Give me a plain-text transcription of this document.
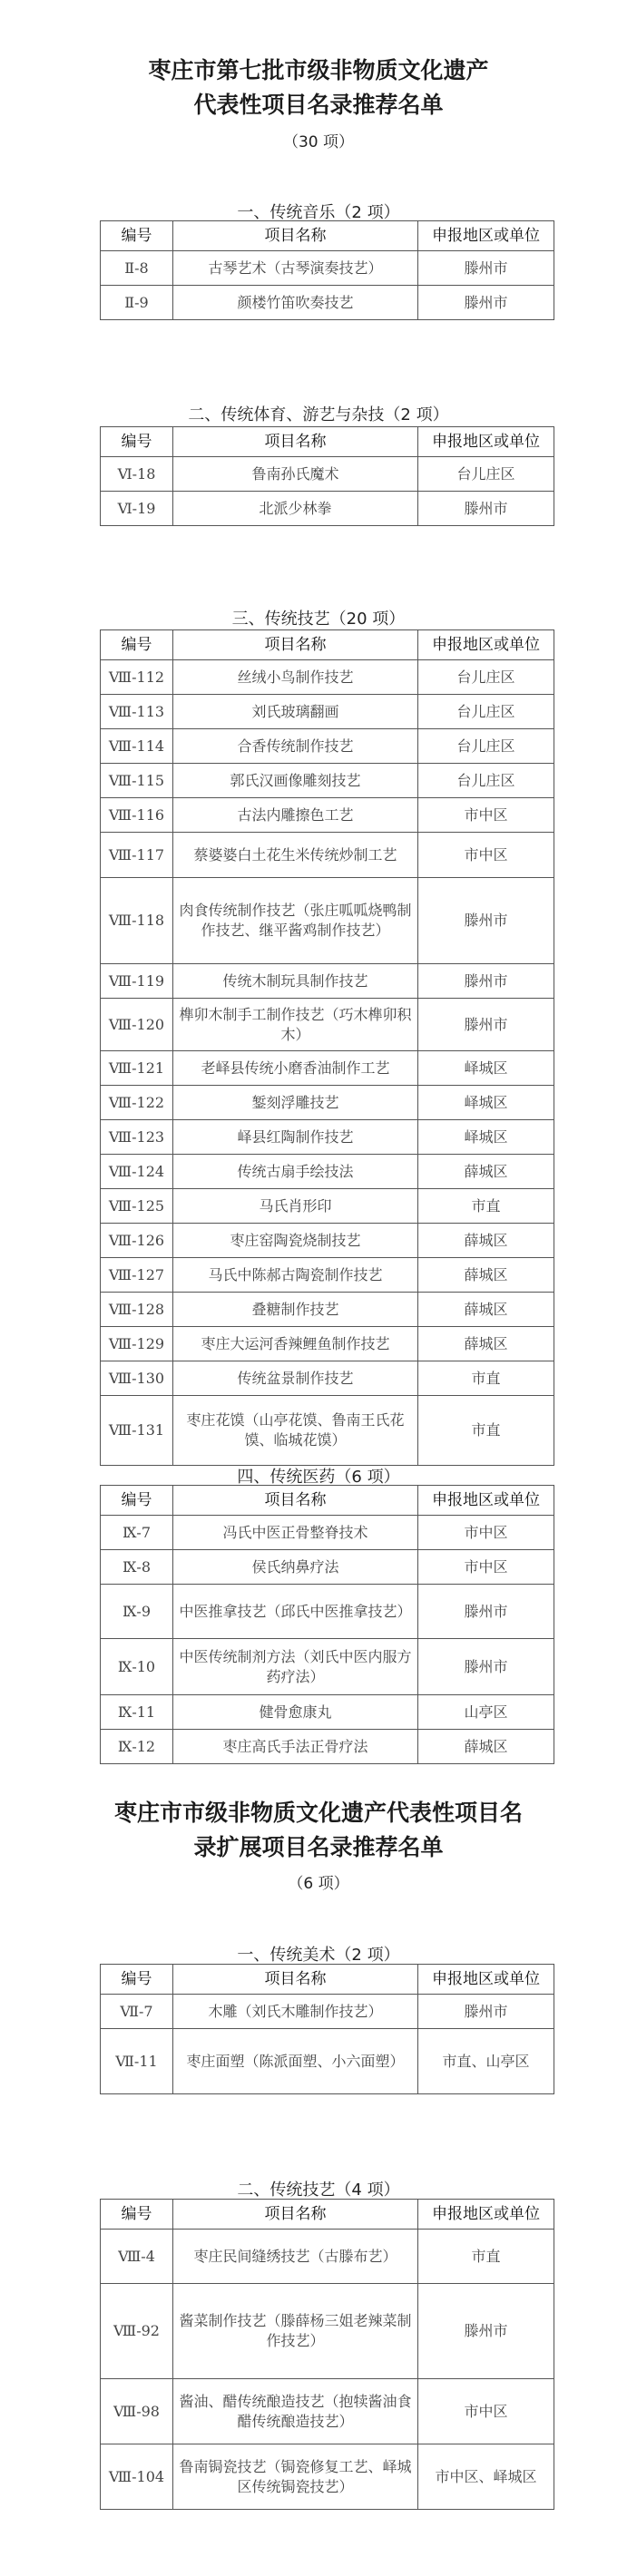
枣庄市第七批市级非物质文化遗产
代表性项目名录推荐名单
（30 项）
一、传统音乐（2 项）
编号	项目名称	申报地区或单位
Ⅱ-8	古琴艺术（古琴演奏技艺）	滕州市
Ⅱ-9	颜楼竹笛吹奏技艺	滕州市
二、传统体育、游艺与杂技（2 项）
编号	项目名称	申报地区或单位
Ⅵ-18	鲁南孙氏魔术	台儿庄区
Ⅵ-19	北派少林拳	滕州市
三、传统技艺（20 项）
编号	项目名称	申报地区或单位
Ⅷ-112	丝绒小鸟制作技艺	台儿庄区
Ⅷ-113	刘氏玻璃翻画	台儿庄区
Ⅷ-114	合香传统制作技艺	台儿庄区
Ⅷ-115	郭氏汉画像雕刻技艺	台儿庄区
Ⅷ-116	古法内雕擦色工艺	市中区
Ⅷ-117	蔡婆婆白土花生米传统炒制工艺	市中区
Ⅷ-118	肉食传统制作技艺（张庄呱呱烧鸭制作技艺、继平酱鸡制作技艺）	滕州市
Ⅷ-119	传统木制玩具制作技艺	滕州市
Ⅷ-120	榫卯木制手工制作技艺（巧木榫卯积木）	滕州市
Ⅷ-121	老峄县传统小磨香油制作工艺	峄城区
Ⅷ-122	錾刻浮雕技艺	峄城区
Ⅷ-123	峄县红陶制作技艺	峄城区
Ⅷ-124	传统古扇手绘技法	薛城区
Ⅷ-125	马氏肖形印	市直
Ⅷ-126	枣庄窑陶瓷烧制技艺	薛城区
Ⅷ-127	马氏中陈郝古陶瓷制作技艺	薛城区
Ⅷ-128	叠糖制作技艺	薛城区
Ⅷ-129	枣庄大运河香辣鲤鱼制作技艺	薛城区
Ⅷ-130	传统盆景制作技艺	市直
Ⅷ-131	枣庄花馍（山亭花馍、鲁南王氏花馍、临城花馍）	市直
四、传统医药（6 项）
编号	项目名称	申报地区或单位
Ⅸ-7	冯氏中医正骨整脊技术	市中区
Ⅸ-8	侯氏纳鼻疗法	市中区
Ⅸ-9	中医推拿技艺（邱氏中医推拿技艺）	滕州市
Ⅸ-10	中医传统制剂方法（刘氏中医内服方药疗法）	滕州市
Ⅸ-11	健骨愈康丸	山亭区
Ⅸ-12	枣庄高氏手法正骨疗法	薛城区
枣庄市市级非物质文化遗产代表性项目名
录扩展项目名录推荐名单
（6 项）
一、传统美术（2 项）
编号	项目名称	申报地区或单位
Ⅶ-7	木雕（刘氏木雕制作技艺）	滕州市
Ⅶ-11	枣庄面塑（陈派面塑、小六面塑）	市直、山亭区
二、传统技艺（4 项）
编号	项目名称	申报地区或单位
Ⅷ-4	枣庄民间缝绣技艺（古滕布艺）	市直
Ⅷ-92	酱菜制作技艺（滕薛杨三姐老辣菜制作技艺）	滕州市
Ⅷ-98	酱油、醋传统酿造技艺（抱犊酱油食醋传统酿造技艺）	市中区
Ⅷ-104	鲁南锔瓷技艺（锔瓷修复工艺、峄城区传统锔瓷技艺）	市中区、峄城区
